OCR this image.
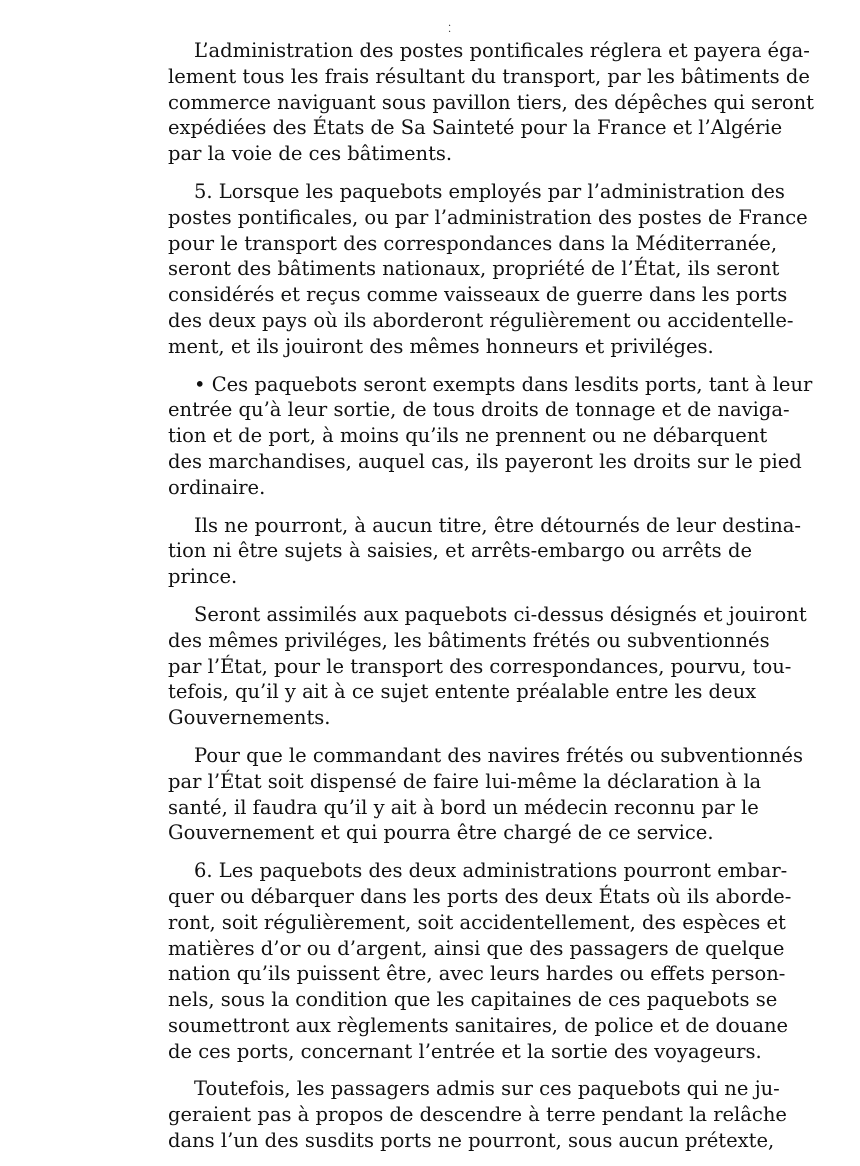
· ·
L’administration des postes pontificales réglera et payera éga-
lement tous les frais résultant du transport, par les bâtiments de
commerce naviguant sous pavillon tiers, des dépêches qui seront
expédiées des États de Sa Sainteté pour la France et l’Algérie
par la voie de ces bâtiments.
5. Lorsque les paquebots employés par l’administration des
postes pontificales, ou par l’administration des postes de France
pour le transport des correspondances dans la Méditerranée,
seront des bâtiments nationaux, propriété de l’État, ils seront
considérés et reçus comme vaisseaux de guerre dans les ports
des deux pays où ils aborderont régulièrement ou accidentelle-
ment, et ils jouiront des mêmes honneurs et priviléges.
• Ces paquebots seront exempts dans lesdits ports, tant à leur
entrée qu’à leur sortie, de tous droits de tonnage et de naviga-
tion et de port, à moins qu’ils ne prennent ou ne débarquent
des marchandises, auquel cas, ils payeront les droits sur le pied
ordinaire.
Ils ne pourront, à aucun titre, être détournés de leur destina-
tion ni être sujets à saisies, et arrêts-embargo ou arrêts de
prince.
Seront assimilés aux paquebots ci-dessus désignés et jouiront
des mêmes priviléges, les bâtiments frétés ou subventionnés
par l’État, pour le transport des correspondances, pourvu, tou-
tefois, qu’il y ait à ce sujet entente préalable entre les deux
Gouvernements.
Pour que le commandant des navires frétés ou subventionnés
par l’État soit dispensé de faire lui-même la déclaration à la
santé, il faudra qu’il y ait à bord un médecin reconnu par le
Gouvernement et qui pourra être chargé de ce service.
6. Les paquebots des deux administrations pourront embar-
quer ou débarquer dans les ports des deux États où ils aborde-
ront, soit régulièrement, soit accidentellement, des espèces et
matières d’or ou d’argent, ainsi que des passagers de quelque
nation qu’ils puissent être, avec leurs hardes ou effets person-
nels, sous la condition que les capitaines de ces paquebots se
soumettront aux règlements sanitaires, de police et de douane
de ces ports, concernant l’entrée et la sortie des voyageurs.
Toutefois, les passagers admis sur ces paquebots qui ne ju-
geraient pas à propos de descendre à terre pendant la relâche
dans l’un des susdits ports ne pourront, sous aucun prétexte,
